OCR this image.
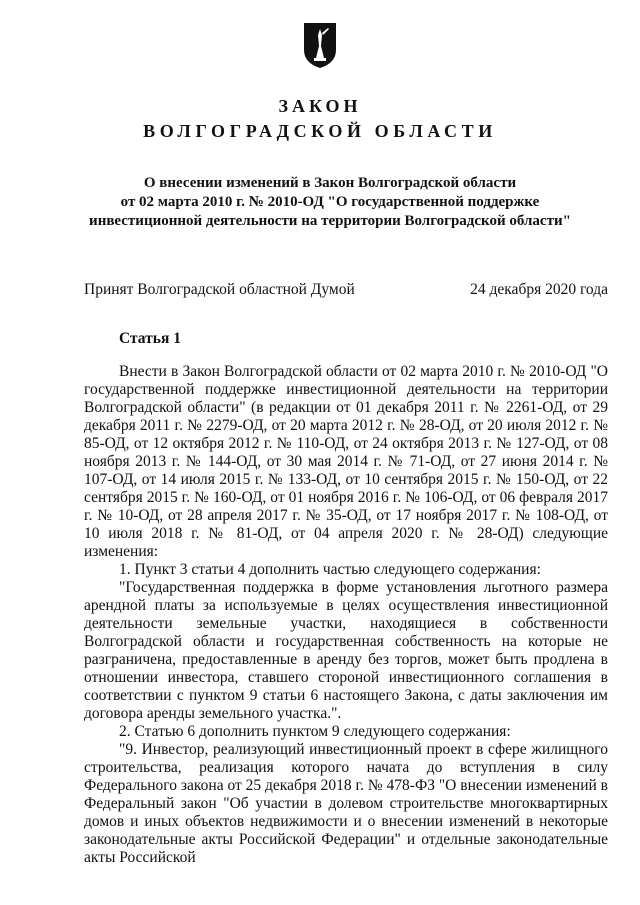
ЗАКОН
ВОЛГОГРАДСКОЙ ОБЛАСТИ
О внесении изменений в Закон Волгоградской области
от 02 марта 2010 г. № 2010-ОД "О государственной поддержке
инвестиционной деятельности на территории Волгоградской области"
Принят Волгоградской областной Думой	24 декабря 2020 года
Статья 1

Внести в Закон Волгоградской области от 02 марта 2010 г. № 2010-ОД "О государственной поддержке инвестиционной деятельности на территории Волгоградской области" (в редакции от 01 декабря 2011 г. № 2261-ОД, от 29 декабря 2011 г. № 2279-ОД, от 20 марта 2012 г. № 28-ОД, от 20 июля 2012 г. № 85-ОД, от 12 октября 2012 г. № 110-ОД, от 24 октября 2013 г. № 127-ОД, от 08 ноября 2013 г. № 144-ОД, от 30 мая 2014 г. № 71-ОД, от 27 июня 2014 г. № 107-ОД, от 14 июля 2015 г. № 133-ОД, от 10 сентября 2015 г. № 150-ОД, от 22 сентября 2015 г. № 160-ОД, от 01 ноября 2016 г. № 106-ОД, от 06 февраля 2017 г. № 10-ОД, от 28 апреля 2017 г. № 35-ОД, от 17 ноября 2017 г. № 108-ОД, от 10 июля 2018 г. № 81-ОД, от 04 апреля 2020 г. № 28-ОД) следующие изменения:

1. Пункт 3 статьи 4 дополнить частью следующего содержания:

"Государственная поддержка в форме установления льготного размера арендной платы за используемые в целях осуществления инвестиционной деятельности земельные участки, находящиеся в собственности Волгоградской области и государственная собственность на которые не разграничена, предоставленные в аренду без торгов, может быть продлена в отношении инвестора, ставшего стороной инвестиционного соглашения в соответствии с пунктом 9 статьи 6 настоящего Закона, с даты заключения им договора аренды земельного участка.".

2. Статью 6 дополнить пунктом 9 следующего содержания:

"9. Инвестор, реализующий инвестиционный проект в сфере жилищного строительства, реализация которого начата до вступления в силу Федерального закона от 25 декабря 2018 г. № 478-ФЗ "О внесении изменений в Федеральный закон "Об участии в долевом строительстве многоквартирных домов и иных объектов недвижимости и о внесении изменений в некоторые законодательные акты Российской Федерации" и отдельные законодательные акты Российской
